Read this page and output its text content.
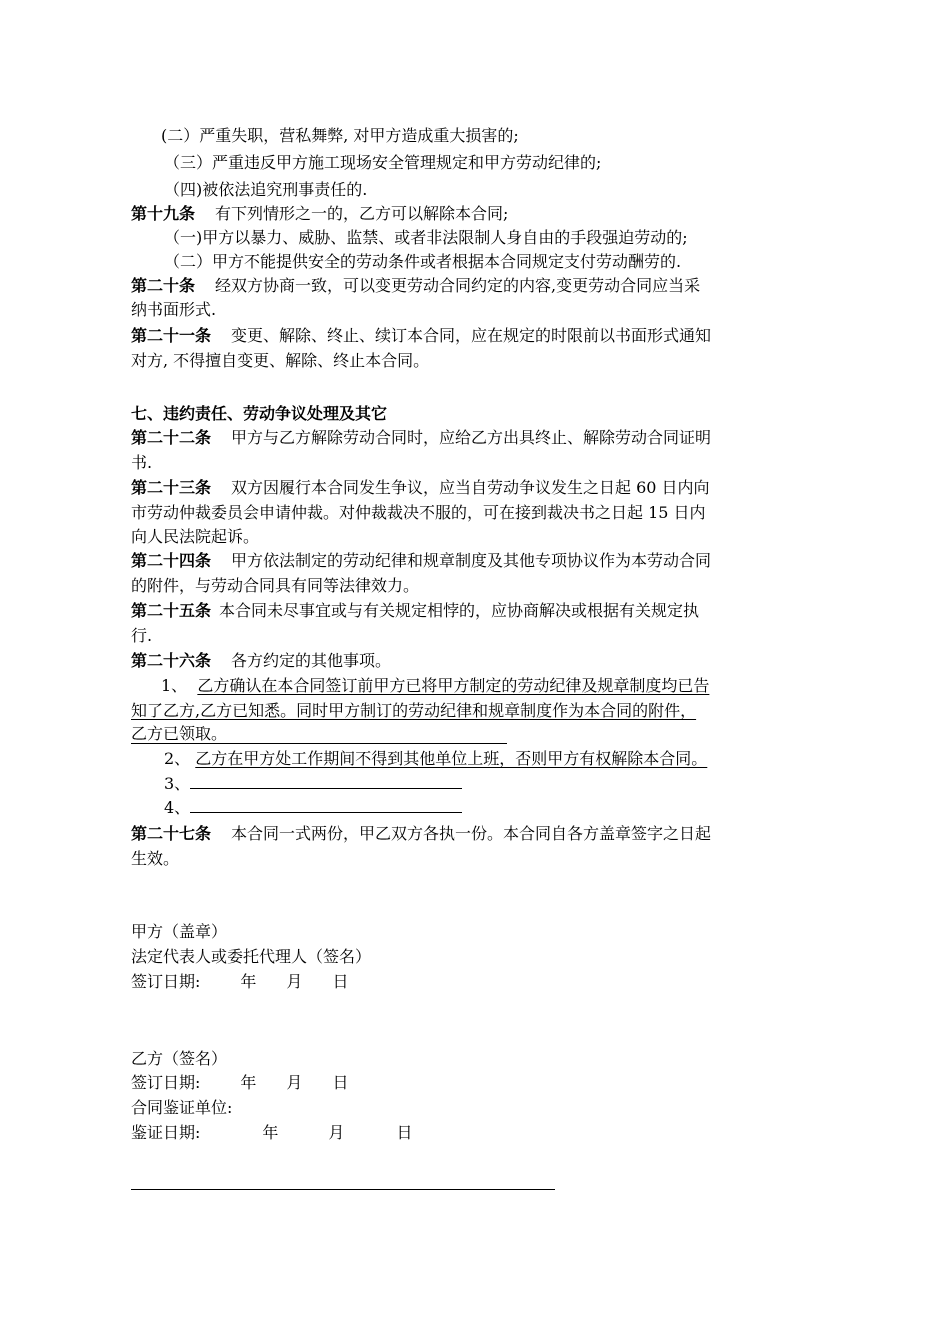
(二）严重失职，营私舞弊, 对甲方造成重大损害的;
（三）严重违反甲方施工现场安全管理规定和甲方劳动纪律的;
（四)被依法追究刑事责任的.
第十九条 有下列情形之一的，乙方可以解除本合同;
（一)甲方以暴力、威胁、监禁、或者非法限制人身自由的手段强迫劳动的;
（二）甲方不能提供安全的劳动条件或者根据本合同规定支付劳动酬劳的.
第二十条 经双方协商一致，可以变更劳动合同约定的内容,变更劳动合同应当采
纳书面形式.
第二十一条 变更、解除、终止、续订本合同，应在规定的时限前以书面形式通知
对方, 不得擅自变更、解除、终止本合同。
七、违约责任、劳动争议处理及其它
第二十二条 甲方与乙方解除劳动合同时，应给乙方出具终止、解除劳动合同证明
书.
第二十三条 双方因履行本合同发生争议，应当自劳动争议发生之日起 60 日内向
市劳动仲裁委员会申请仲裁。对仲裁裁决不服的，可在接到裁决书之日起 15 日内
向人民法院起诉。
第二十四条 甲方依法制定的劳动纪律和规章制度及其他专项协议作为本劳动合同
的附件，与劳动合同具有同等法律效力。
第二十五条 本合同未尽事宜或与有关规定相悖的，应协商解决或根据有关规定执
行.
第二十六条 各方约定的其他事项。
1、 乙方确认在本合同签订前甲方已将甲方制定的劳动纪律及规章制度均已告
知了乙方,乙方已知悉。同时甲方制订的劳动纪律和规章制度作为本合同的附件，
乙方已领取。
2、 乙方在甲方处工作期间不得到其他单位上班，否则甲方有权解除本合同。
3、
4、
第二十七条 本合同一式两份，甲乙双方各执一份。本合同自各方盖章签字之日起
生效。
甲方（盖章）
法定代表人或委托代理人（签名）
签订日期:	年 月 日
乙方（签名）
签订日期:	年 月 日
合同鉴证单位:
鉴证日期:	年	月	日
